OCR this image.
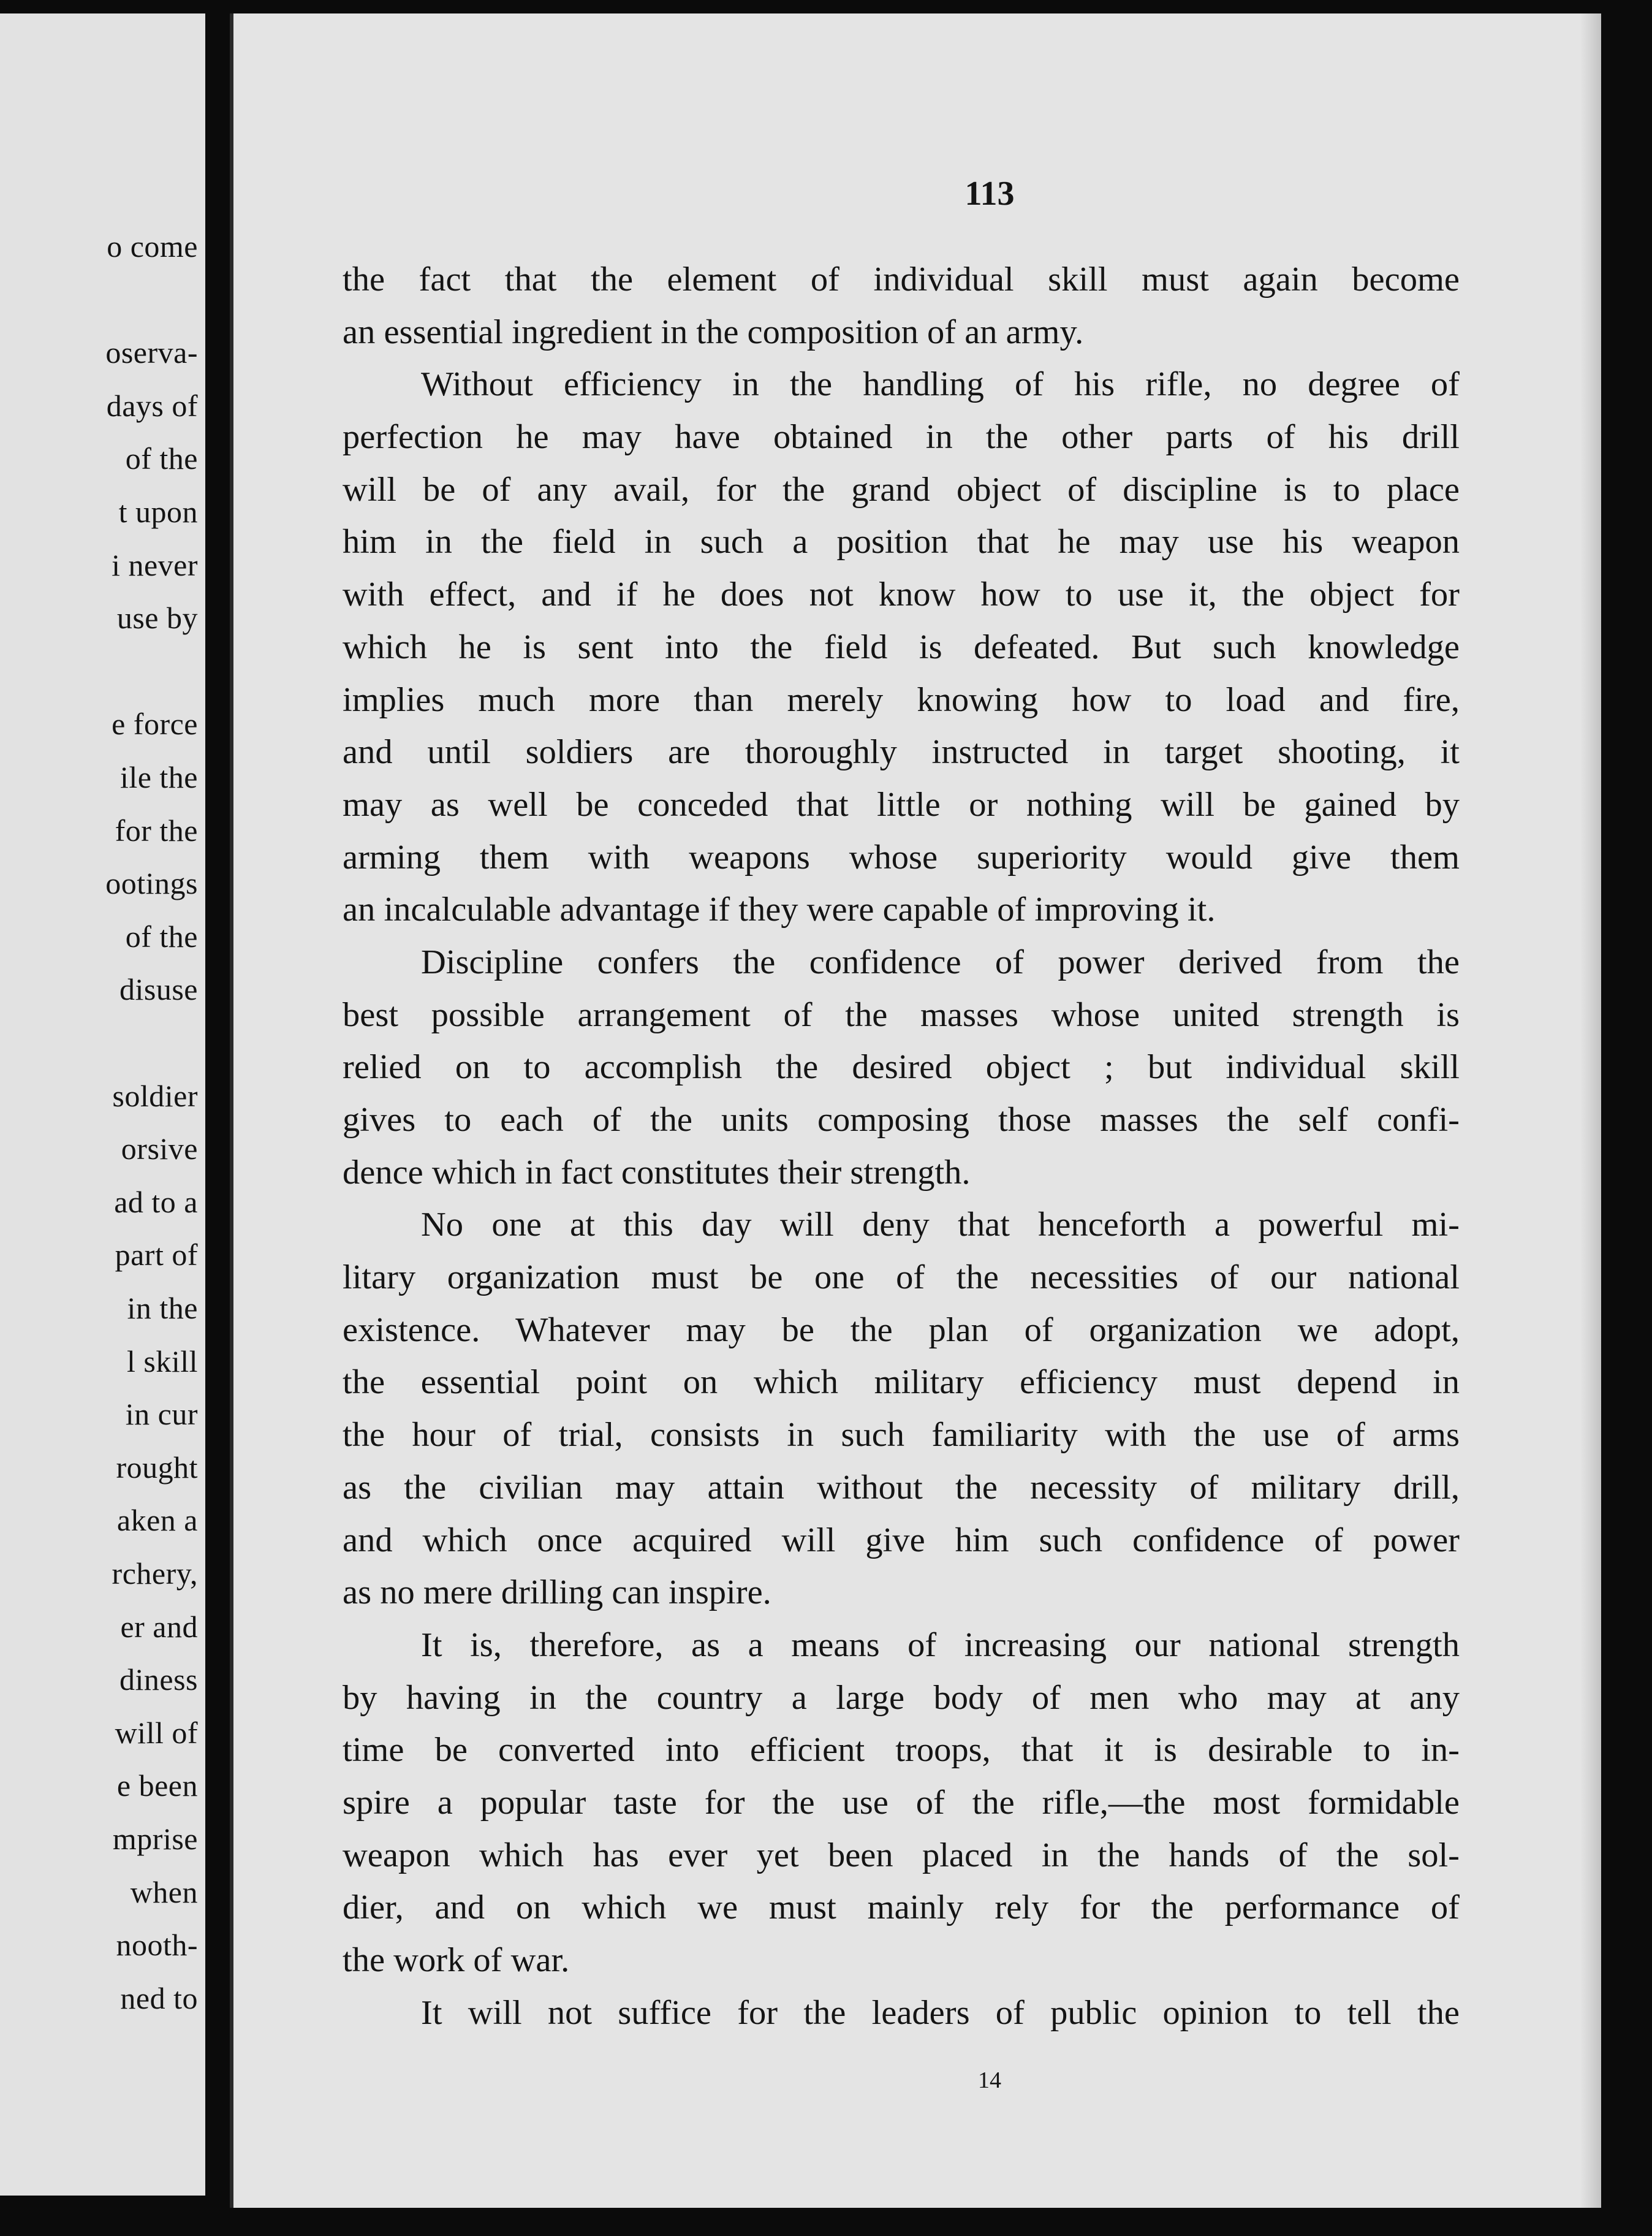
o come
oserva-
days of
of the
t upon
i never
use by
e force
ile the
for the
ootings
of the
disuse
soldier
orsive
ad to a
part of
in the
l skill
in cur
rought
aken a
rchery,
er and
diness
will of
e been
mprise
when
nooth-
ned to
113
the fact that the element of individual skill must again become
an essential ingredient in the composition of an army.
Without efficiency in the handling of his rifle, no degree of
perfection he may have obtained in the other parts of his drill
will be of any avail, for the grand object of discipline is to place
him in the field in such a position that he may use his weapon
with effect, and if he does not know how to use it, the object for
which he is sent into the field is defeated. But such knowledge
implies much more than merely knowing how to load and fire,
and until soldiers are thoroughly instructed in target shooting, it
may as well be conceded that little or nothing will be gained by
arming them with weapons whose superiority would give them
an incalculable advantage if they were capable of improving it.
Discipline confers the confidence of power derived from the
best possible arrangement of the masses whose united strength is
relied on to accomplish the desired object ; but individual skill
gives to each of the units composing those masses the self confi-
dence which in fact constitutes their strength.
No one at this day will deny that henceforth a powerful mi-
litary organization must be one of the necessities of our national
existence. Whatever may be the plan of organization we adopt,
the essential point on which military efficiency must depend in
the hour of trial, consists in such familiarity with the use of arms
as the civilian may attain without the necessity of military drill,
and which once acquired will give him such confidence of power
as no mere drilling can inspire.
It is, therefore, as a means of increasing our national strength
by having in the country a large body of men who may at any
time be converted into efficient troops, that it is desirable to in-
spire a popular taste for the use of the rifle,—the most formidable
weapon which has ever yet been placed in the hands of the sol-
dier, and on which we must mainly rely for the performance of
the work of war.
It will not suffice for the leaders of public opinion to tell the
14
